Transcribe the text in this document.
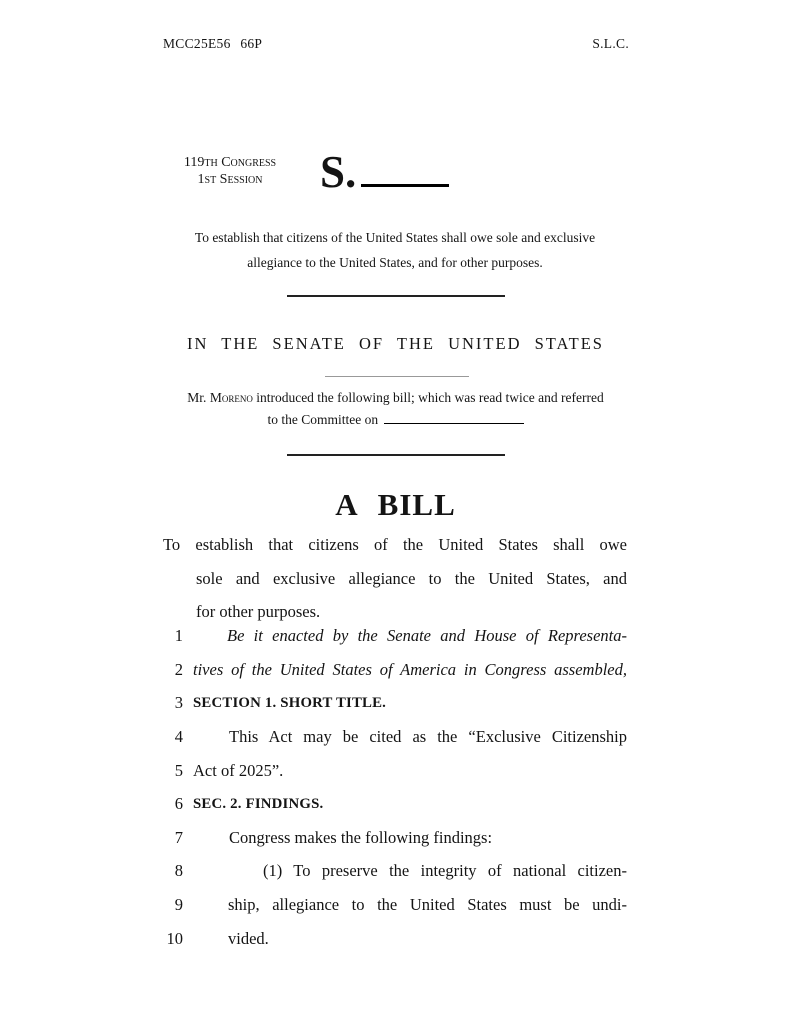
MCC25E56 66P	S.L.C.
119th Congress
1st Session	S.
To establish that citizens of the United States shall owe sole and exclusive
allegiance to the United States, and for other purposes.
IN THE SENATE OF THE UNITED STATES
Mr. Moreno introduced the following bill; which was read twice and referred
to the Committee on
A BILL
To establish that citizens of the United States shall owe
sole and exclusive allegiance to the United States, and
for other purposes.
1	Be it enacted by the Senate and House of Representa-
2 tives of the United States of America in Congress assembled,
3 SECTION 1. SHORT TITLE.
4	This Act may be cited as the “Exclusive Citizenship
5 Act of 2025”.
6 SEC. 2. FINDINGS.
7	Congress makes the following findings:
8	(1) To preserve the integrity of national citizen-
9	ship, allegiance to the United States must be undi-
10	vided.
